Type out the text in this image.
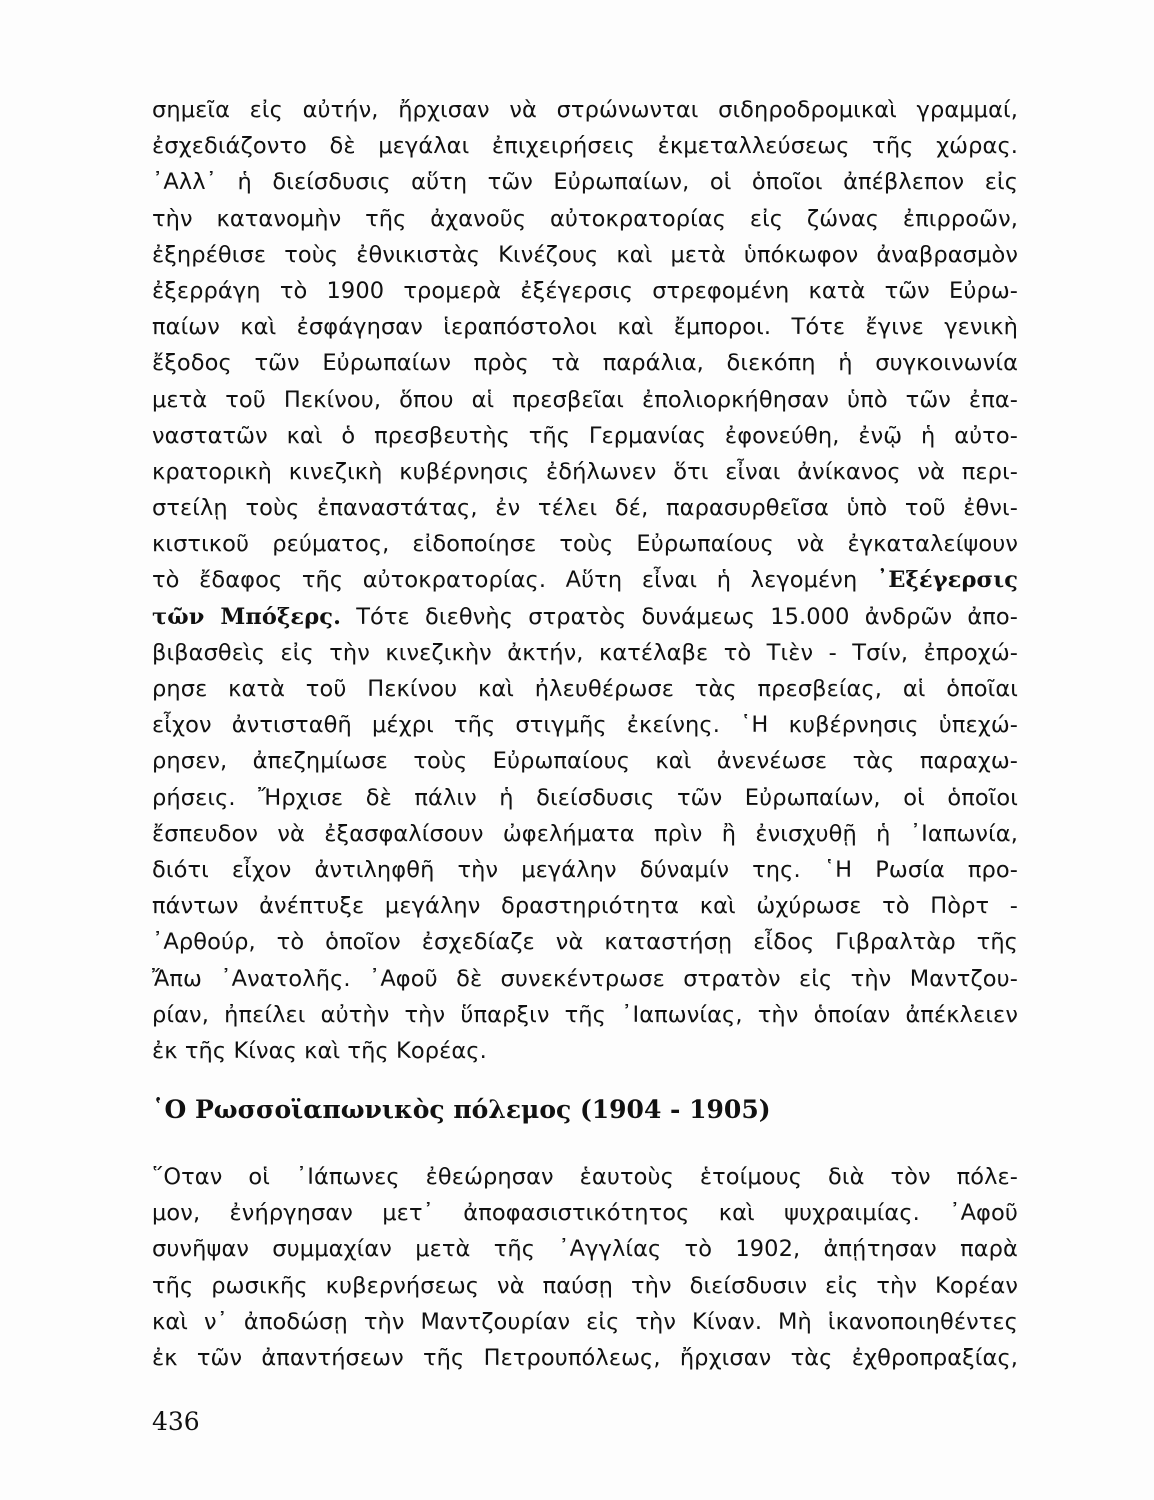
σημεῖα εἰς αὐτήν, ἤρχισαν νὰ στρώνωνται σιδηροδρομικαὶ γραμμαί,
ἐσχεδιάζοντο δὲ μεγάλαι ἐπιχειρήσεις ἐκμεταλλεύσεως τῆς χώρας.
᾿Αλλ᾿ ἡ διείσδυσις αὕτη τῶν Εὐρωπαίων, οἱ ὁποῖοι ἀπέβλεπον εἰς
τὴν κατανομὴν τῆς ἀχανοῦς αὐτοκρατορίας εἰς ζώνας ἐπιρροῶν,
ἐξηρέθισε τοὺς ἐθνικιστὰς Κινέζους καὶ μετὰ ὑπόκωφον ἀναβρασμὸν
ἐξερράγη τὸ 1900 τρομερὰ ἐξέγερσις στρεφομένη κατὰ τῶν Εὐρω-
παίων καὶ ἐσφάγησαν ἱεραπόστολοι καὶ ἔμποροι. Τότε ἔγινε γενικὴ
ἔξοδος τῶν Εὐρωπαίων πρὸς τὰ παράλια, διεκόπη ἡ συγκοινωνία
μετὰ τοῦ Πεκίνου, ὅπου αἱ πρεσβεῖαι ἐπολιορκήθησαν ὑπὸ τῶν ἐπα-
ναστατῶν καὶ ὁ πρεσβευτὴς τῆς Γερμανίας ἐφονεύθη, ἐνῷ ἡ αὐτο-
κρατορικὴ κινεζικὴ κυβέρνησις ἐδήλωνεν ὅτι εἶναι ἀνίκανος νὰ περι-
στείλῃ τοὺς ἐπαναστάτας, ἐν τέλει δέ, παρασυρθεῖσα ὑπὸ τοῦ ἐθνι-
κιστικοῦ ρεύματος, εἰδοποίησε τοὺς Εὐρωπαίους νὰ ἐγκαταλείψουν
τὸ ἔδαφος τῆς αὐτοκρατορίας. Αὕτη εἶναι ἡ λεγομένη ᾿Εξέγερσις
τῶν Μπόξερς. Τότε διεθνὴς στρατὸς δυνάμεως 15.000 ἀνδρῶν ἀπο-
βιβασθεὶς εἰς τὴν κινεζικὴν ἀκτήν, κατέλαβε τὸ Τιὲν - Τσίν, ἐπροχώ-
ρησε κατὰ τοῦ Πεκίνου καὶ ἠλευθέρωσε τὰς πρεσβείας, αἱ ὁποῖαι
εἶχον ἀντισταθῆ μέχρι τῆς στιγμῆς ἐκείνης. ῾Η κυβέρνησις ὑπεχώ-
ρησεν, ἀπεζημίωσε τοὺς Εὐρωπαίους καὶ ἀνενέωσε τὰς παραχω-
ρήσεις. Ἤρχισε δὲ πάλιν ἡ διείσδυσις τῶν Εὐρωπαίων, οἱ ὁποῖοι
ἔσπευδον νὰ ἐξασφαλίσουν ὠφελήματα πρὶν ἢ ἐνισχυθῇ ἡ ᾿Ιαπωνία,
διότι εἶχον ἀντιληφθῆ τὴν μεγάλην δύναμίν της. ῾Η Ρωσία προ-
πάντων ἀνέπτυξε μεγάλην δραστηριότητα καὶ ὠχύρωσε τὸ Πὸρτ -
᾿Αρθούρ, τὸ ὁποῖον ἐσχεδίαζε νὰ καταστήσῃ εἶδος Γιβραλτὰρ τῆς
Ἄπω ᾿Ανατολῆς. ᾿Αφοῦ δὲ συνεκέντρωσε στρατὸν εἰς τὴν Μαντζου-
ρίαν, ἠπείλει αὐτὴν τὴν ὕπαρξιν τῆς ᾿Ιαπωνίας, τὴν ὁποίαν ἀπέκλειεν
ἐκ τῆς Κίνας καὶ τῆς Κορέας.
῾Ο Ρωσσοϊαπωνικὸς πόλεμος (1904 - 1905)
῞Οταν οἱ ᾿Ιάπωνες ἐθεώρησαν ἑαυτοὺς ἑτοίμους διὰ τὸν πόλε-
μον, ἐνήργησαν μετ᾿ ἀποφασιστικότητος καὶ ψυχραιμίας. ᾿Αφοῦ
συνῆψαν συμμαχίαν μετὰ τῆς ᾿Αγγλίας τὸ 1902, ἀπῄτησαν παρὰ
τῆς ρωσικῆς κυβερνήσεως νὰ παύσῃ τὴν διείσδυσιν εἰς τὴν Κορέαν
καὶ ν᾿ ἀποδώσῃ τὴν Μαντζουρίαν εἰς τὴν Κίναν. Μὴ ἱκανοποιηθέντες
ἐκ τῶν ἀπαντήσεων τῆς Πετρουπόλεως, ἤρχισαν τὰς ἐχθροπραξίας,
436
